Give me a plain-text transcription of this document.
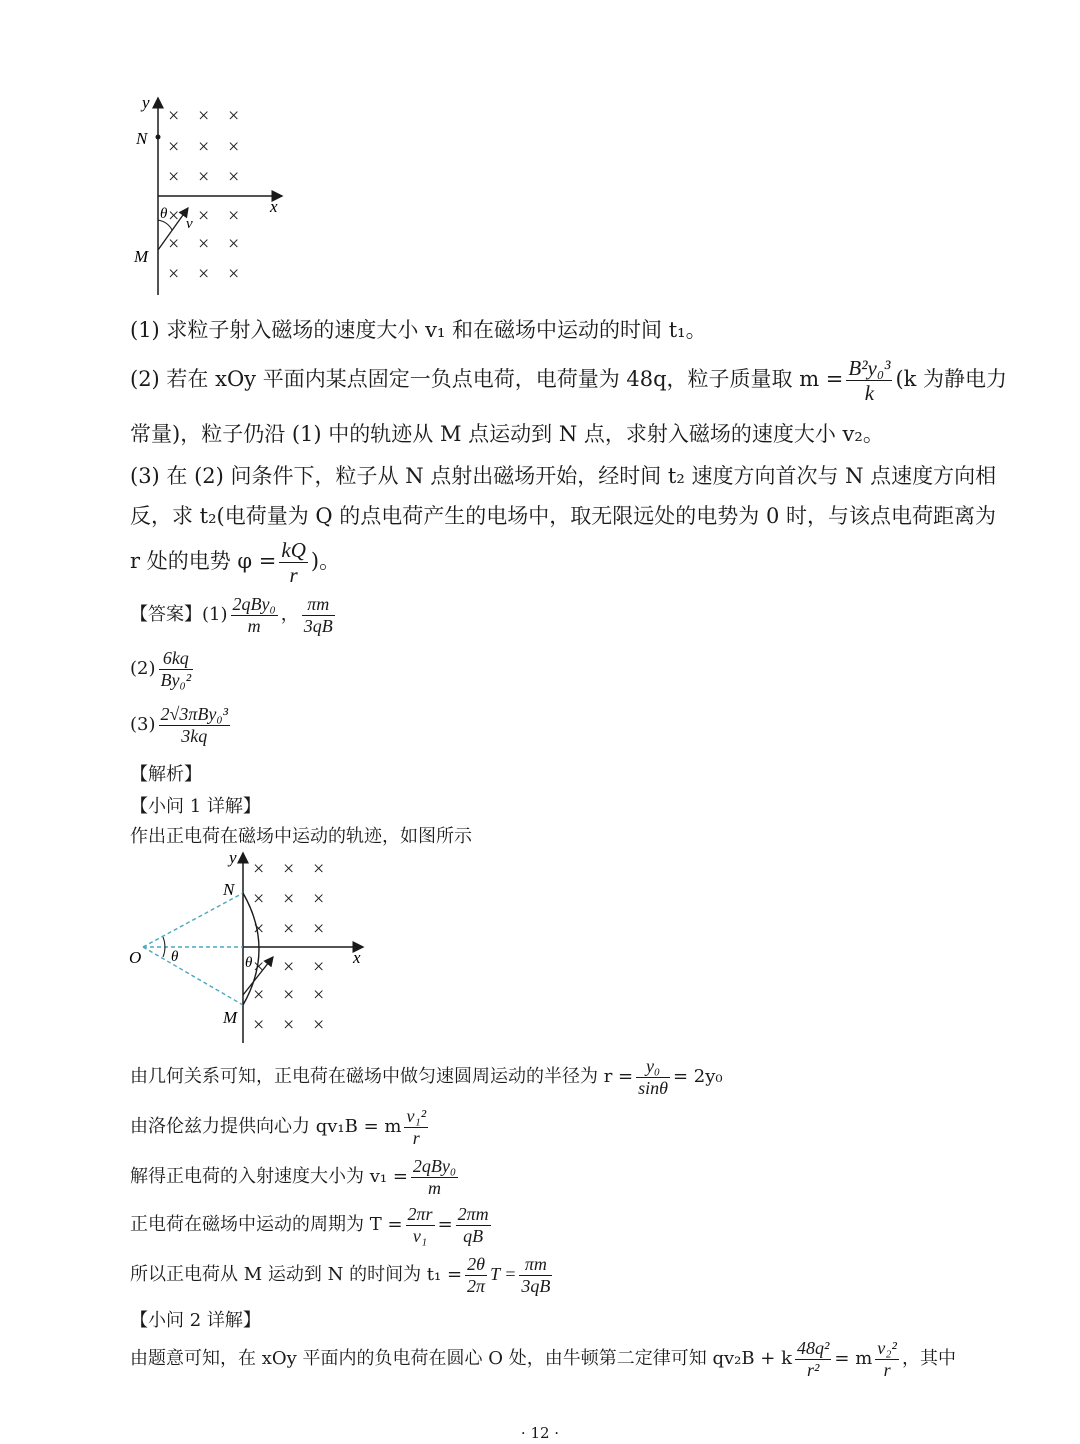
y
x
N
M
θ
v
× × ×
× × ×
× × ×
× × ×
× × ×
× × ×
(1) 求粒子射入磁场的速度大小 v₁ 和在磁场中运动的时间 t₁。
(2) 若在 xOy 平面内某点固定一负点电荷，电荷量为 48q，粒子质量取 $m = \frac{\text{B²y₀³}}{k} (k$ 为静电力
常量)，粒子仍沿 (1) 中的轨迹从 M 点运动到 N 点，求射入磁场的速度大小 v₂。
(3) 在 (2) 问条件下，粒子从 N 点射出磁场开始，经时间 t₂ 速度方向首次与 N 点速度方向相
反，求 t₂(电荷量为 Q 的点电荷产生的电场中，取无限远处的电势为 0 时，与该点电荷距离为
r 处的电势 $\varphi = \frac{kQ}{r}$ )。
【答案】$(1) \frac{\text{2qBy₀}}{m}$ ， $\frac{\pi m}{3qB}$
$(2) \frac{6kq}{\text{By₀²}}$
$(3) \frac{\text{2√3πBy₀³}}{3kq}$
【解析】
【小问 1 详解】
作出正电荷在磁场中运动的轨迹，如图所示
y
x
N
M
O θ	θ
× × ×
× × ×
× × ×
× × ×
× × ×
× × ×
由几何关系可知，正电荷在磁场中做匀速圆周运动的半径为 $r = \frac{\text{y₀}}{\sin\theta} = 2y_0$
由洛伦兹力提供向心力 qv₁B = m $\frac{\text{v₁²}}{r}$
解得正电荷的入射速度大小为 $v_1 = \frac{\text{2qBy₀}}{m}$
正电荷在磁场中运动的周期为 $T = \frac{2\pi r}{\text{v₁}} = \frac{2\pi m}{qB}$
所以正电荷从 M 运动到 N 的时间为 $t_1 = \frac{2\theta}{2\pi}$ $T = \frac{\pi m}{3qB}$
【小问 2 详解】
由题意可知，在 xOy 平面内的负电荷在圆心 O 处，由牛顿第二定律可知 qv₂B + k $\frac{\text{48q²}}{\text{r²}} = m \frac{\text{v₂²}}{r}$ ，其中
· 12 ·
